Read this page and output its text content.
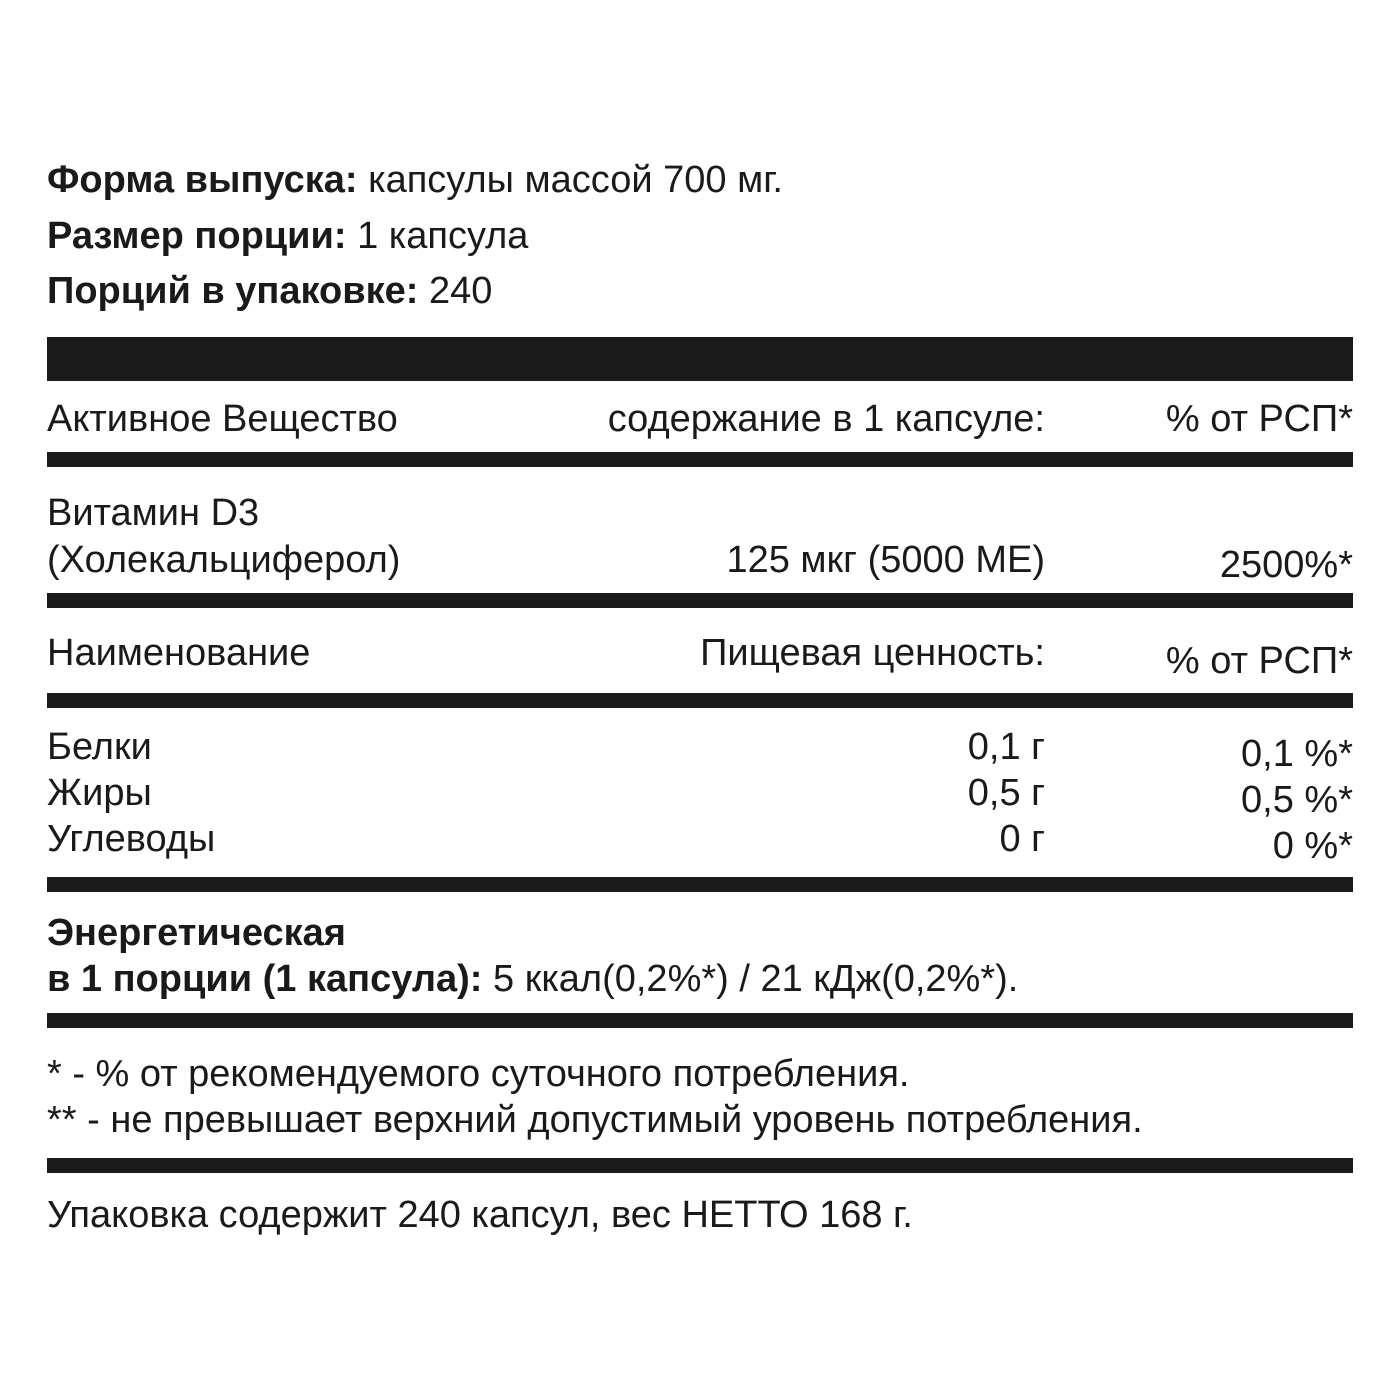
Форма выпуска: капсулы массой 700 мг.
Размер порции: 1 капсула
Порций в упаковке: 240
Активное Вещество	содержание в 1 капсуле:	% от РСП*
Витамин D3
(Холекальциферол)	125 мкг (5000 МЕ)	2500%*
Наименование	Пищевая ценность:	% от РСП*
Белки	0,1 г	0,1 %*
Жиры	0,5 г	0,5 %*
Углеводы	0 г	0 %*
Энергетическая
в 1 порции (1 капсула): 5 ккал(0,2%*) / 21 кДж(0,2%*).
* - % от рекомендуемого суточного потребления.
** - не превышает верхний допустимый уровень потребления.
Упаковка содержит 240 капсул, вес НЕТТО 168 г.
